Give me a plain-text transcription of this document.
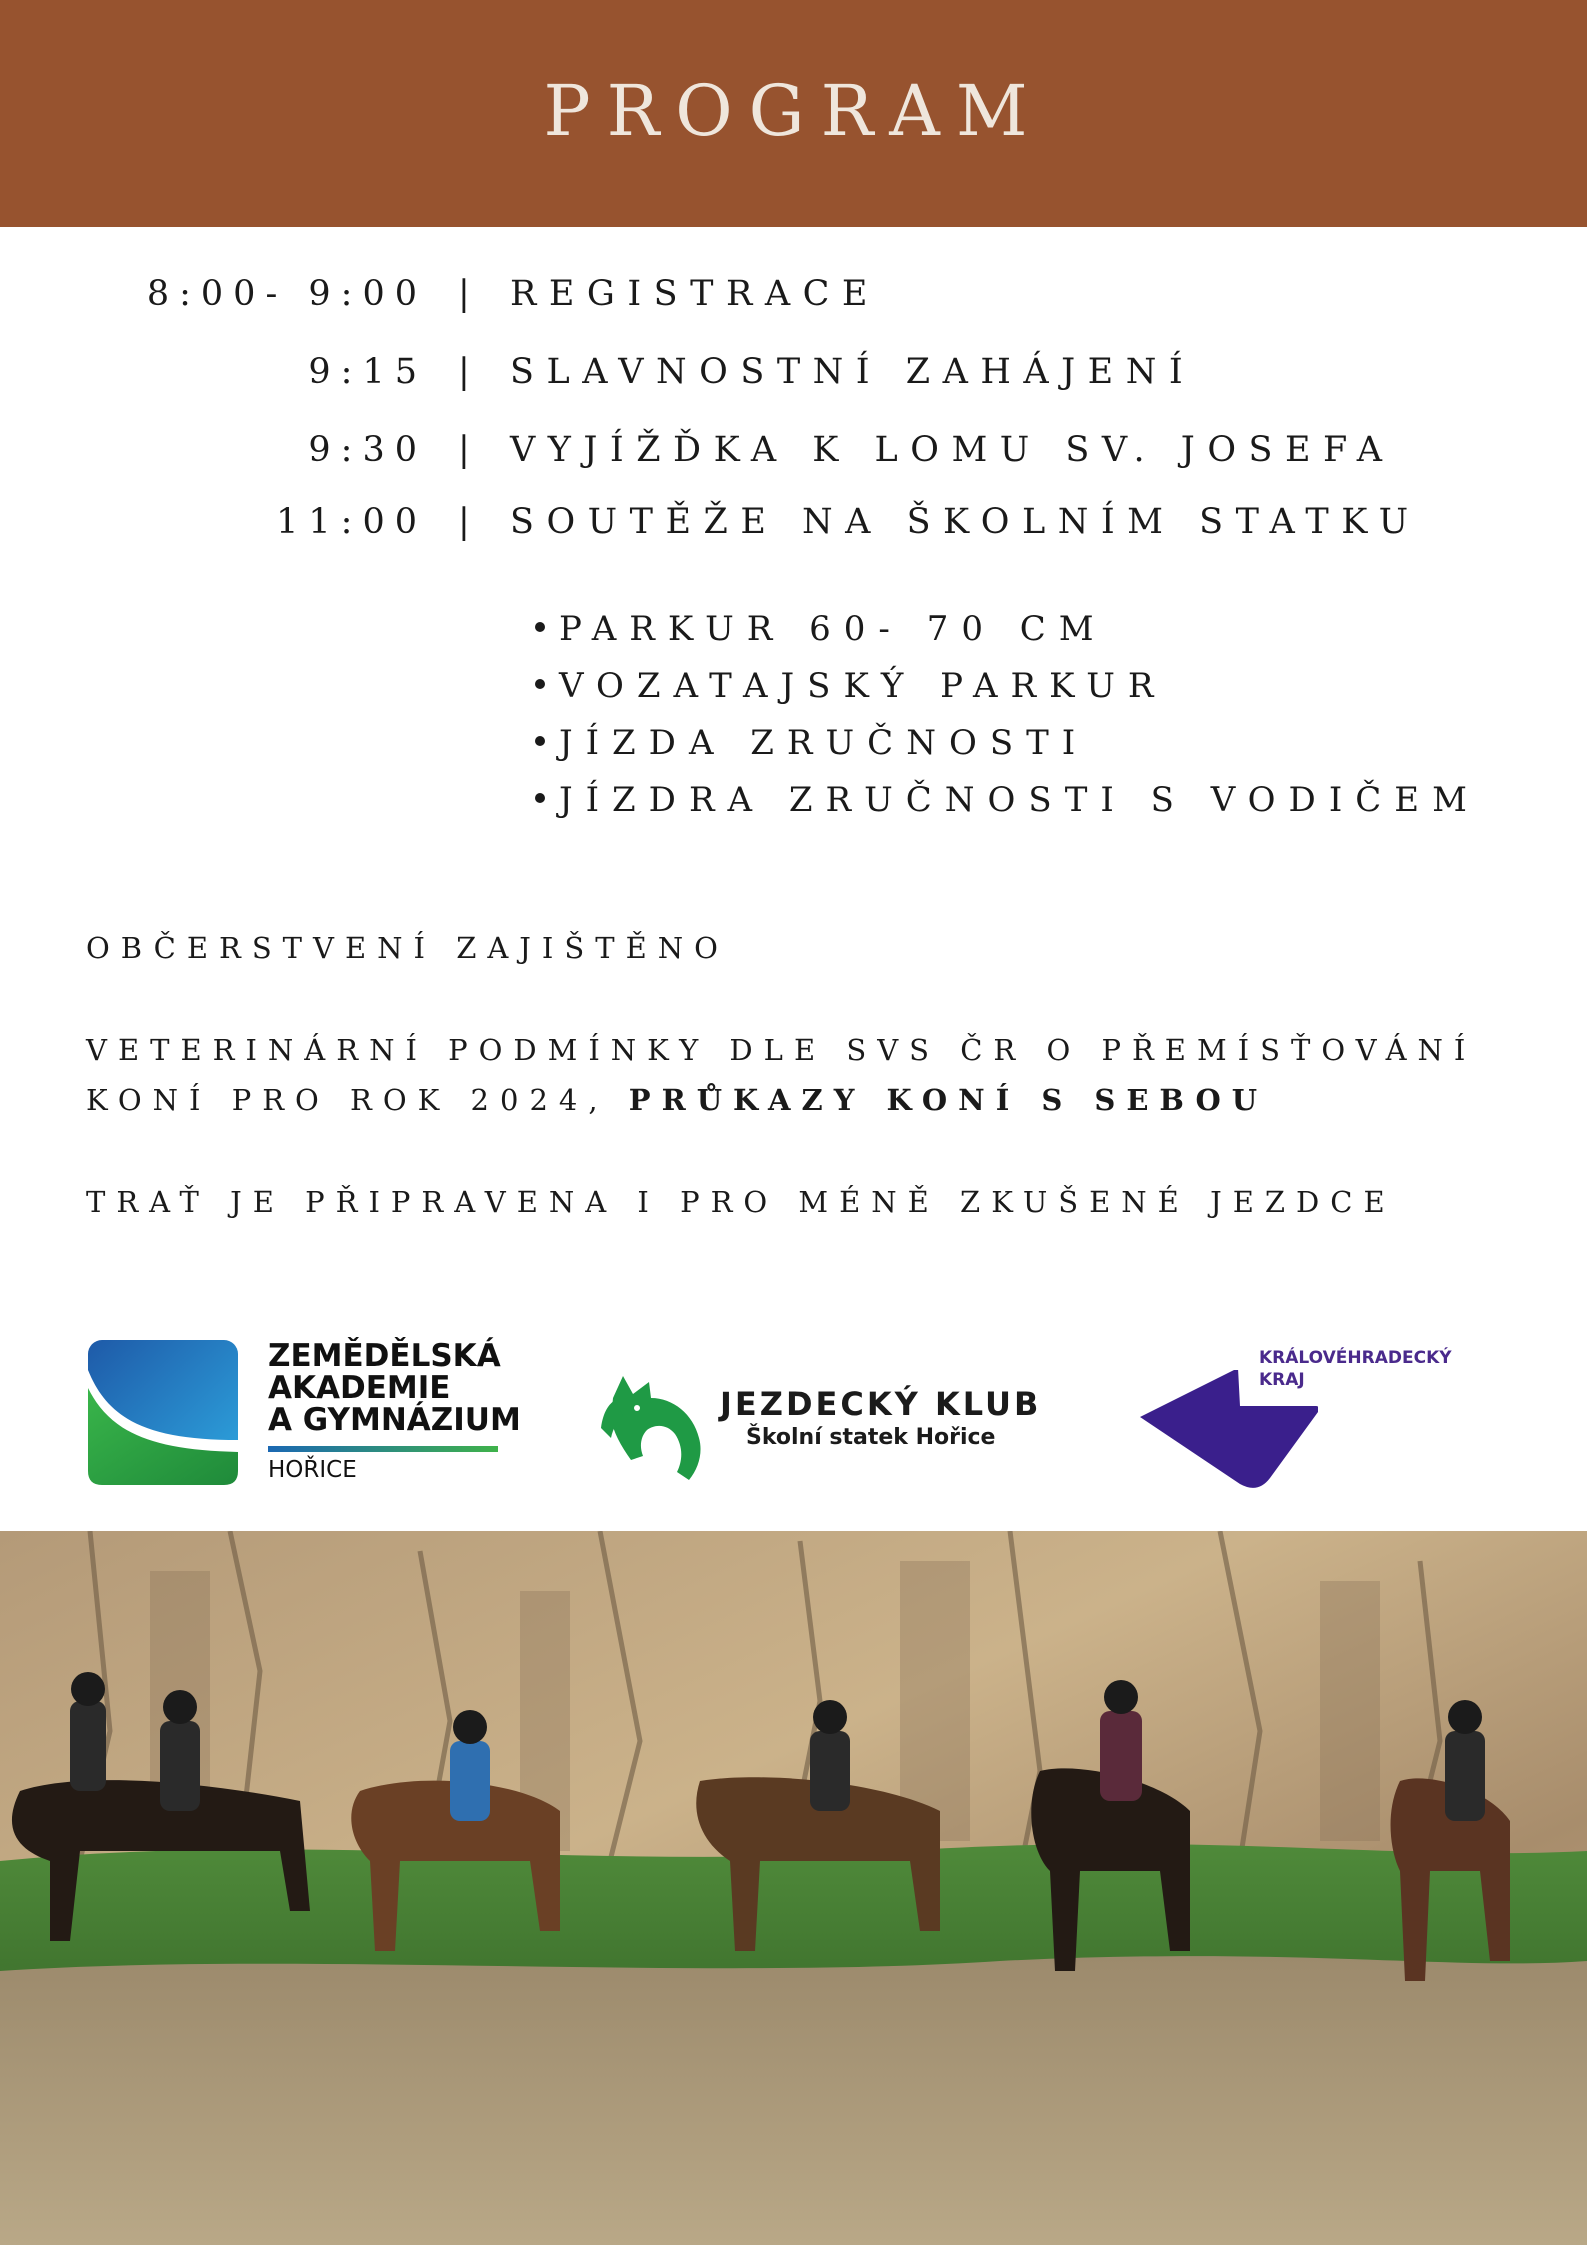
PROGRAM
8:00- 9:00 | REGISTRACE
9:15 | SLAVNOSTNÍ ZAHÁJENÍ
9:30 | VYJÍŽĎKA K LOMU SV. JOSEFA
11:00 | SOUTĚŽE NA ŠKOLNÍM STATKU
PARKUR 60- 70 CM
VOZATAJSKÝ PARKUR
JÍZDA ZRUČNOSTI
JÍZDRA ZRUČNOSTI S VODIČEM
OBČERSTVENÍ ZAJIŠTĚNO
VETERINÁRNÍ PODMÍNKY DLE SVS ČR O PŘEMÍSŤOVÁNÍ
KONÍ PRO ROK 2024, PRŮKAZY KONÍ S SEBOU
TRAŤ JE PŘIPRAVENA I PRO MÉNĚ ZKUŠENÉ JEZDCE
ZEMĚDĚLSKÁ
AKADEMIE
A GYMNÁZIUM
HOŘICE
JEZDECKÝ KLUB
Školní statek Hořice
KRÁLOVÉHRADECKÝ
KRAJ
